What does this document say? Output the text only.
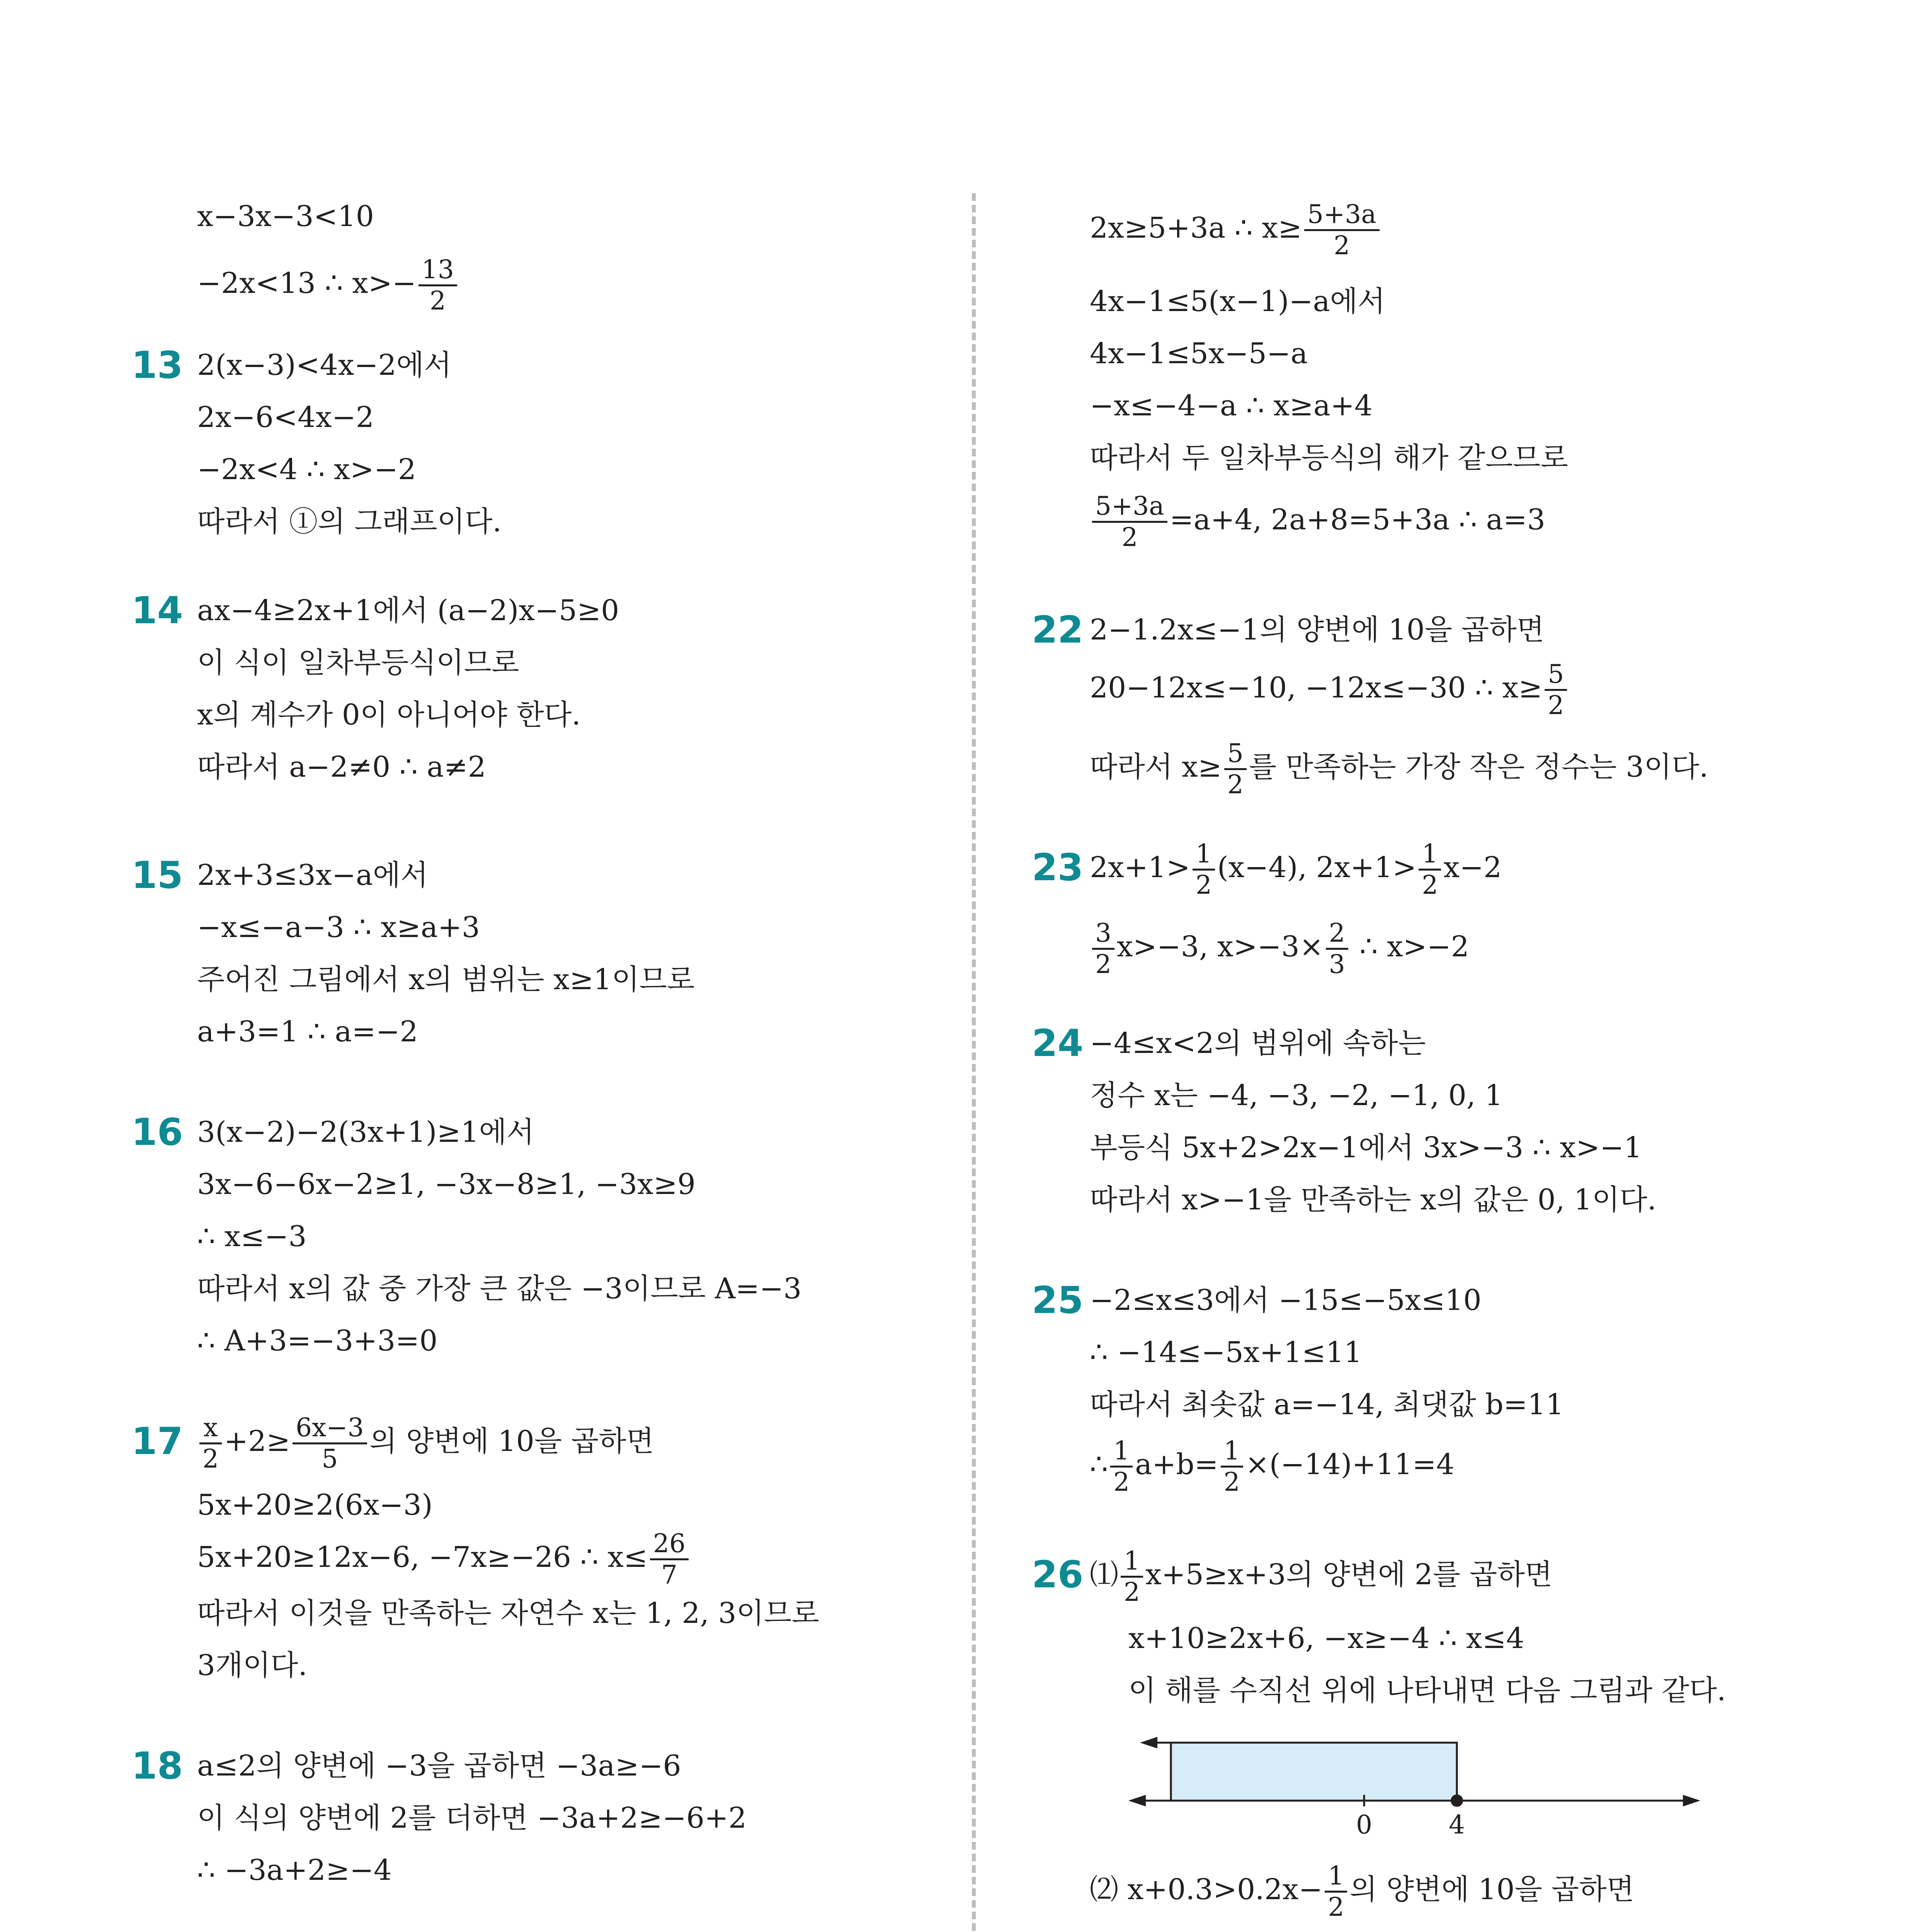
x−3x−3<10
−2x<13 ∴ $x>- \frac{13}{2}$
13 2(x−3)<4x−2에서
2x−6<4x−2
−2x<4 ∴ x>−2
따라서 ①의 그래프이다.
14 ax−4≥2x+1에서 (a−2)x−5≥0
이 식이 일차부등식이므로
x의 계수가 0이 아니어야 한다.
따라서 a−2≠0 ∴ a≠2
15 2x+3≤3x−a에서
−x≤−a−3 ∴ x≥a+3
주어진 그림에서 x의 범위는 x≥1이므로
a+3=1 ∴ a=−2
16 3(x−2)−2(3x+1)≥1에서
3x−6−6x−2≥1, −3x−8≥1, −3x≥9
∴ x≤−3
따라서 x의 값 중 가장 큰 값은 −3이므로 A=−3
∴ A+3=−3+3=0
$17 \frac{x}{2} +2\ge \frac{6x-3}{5}$ 의 양변에 10을 곱하면
5x+20≥2(6x−3)
5x+20≥12x−6, −7x≥−26 ∴ $x\le \frac{26}{7}$
따라서 이것을 만족하는 자연수 x는 1, 2, 3이므로
3개이다.
18 a≤2의 양변에 −3을 곱하면 −3a≥−6
이 식의 양변에 2를 더하면 −3a+2≥−6+2
∴ −3a+2≥−4
2x≥5+3a ∴ $x\ge \frac{5+3a}{2}$
4x−1≤5(x−1)−a에서
4x−1≤5x−5−a
−x≤−4−a ∴ x≥a+4
따라서 두 일차부등식의 해가 같으므로
$\frac{5+3a}{2} =a+4$, 2a+8=5+3a ∴ a=3
22 2−1.2x≤−1의 양변에 10을 곱하면
20−12x≤−10, −12x≤−30 ∴ $x\ge \frac{5}{2}$
따라서 $x\ge \frac{5}{2}$ 를 만족하는 가장 작은 정수는 3이다.
23 $2x+1> \frac{1}{2} (x-4)$, $2x+1> \frac{1}{2} x-2$
$\frac{3}{2} x>-3$, $x>-3\times \frac{2}{3}$ ∴ x>−2
24 −4≤x<2의 범위에 속하는
정수 x는 −4, −3, −2, −1, 0, 1
부등식 5x+2>2x−1에서 3x>−3 ∴ x>−1
따라서 x>−1을 만족하는 x의 값은 0, 1이다.
25 −2≤x≤3에서 −15≤−5x≤10
∴ −14≤−5x+1≤11
따라서 최솟값 a=−14, 최댓값 b=11
∴ $\frac{1}{2} a+b= \frac{1}{2} \times(-14)+11=4$
26 ⑴ $\frac{1}{2} x+5\ge x+3$의 양변에 2를 곱하면
x+10≥2x+6, −x≥−4 ∴ x≤4
이 해를 수직선 위에 나타내면 다음 그림과 같다.
0	4
⑵ $x+0.3>0.2x- \frac{1}{2}$ 의 양변에 10을 곱하면
